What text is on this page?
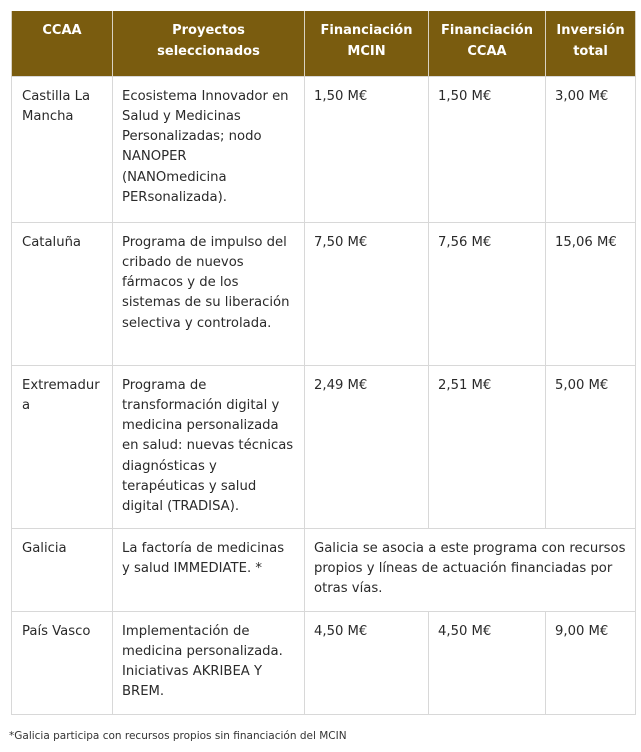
CCAA	Proyectos seleccionados	Financiación MCIN	Financiación CCAA	Inversión total
Castilla La Mancha	Ecosistema Innovador en Salud y Medicinas Personalizadas; nodo NANOPER (NANOmedicina PERsonalizada).	1,50 M€	1,50 M€	3,00 M€
Cataluña	Programa de impulso del cribado de nuevos fármacos y de los sistemas de su liberación selectiva y controlada.	7,50 M€	7,56 M€	15,06 M€
Extremadura	Programa de transformación digital y medicina personalizada en salud: nuevas técnicas diagnósticas y terapéuticas y salud digital (TRADISA).	2,49 M€	2,51 M€	5,00 M€
Galicia	La factoría de medicinas y salud IMMEDIATE. *	Galicia se asocia a este programa con recursos propios y líneas de actuación financiadas por otras vías.		
País Vasco	Implementación de medicina personalizada. Iniciativas AKRIBEA Y BREM.	4,50 M€	4,50 M€	9,00 M€
*Galicia participa con recursos propios sin financiación del MCIN
